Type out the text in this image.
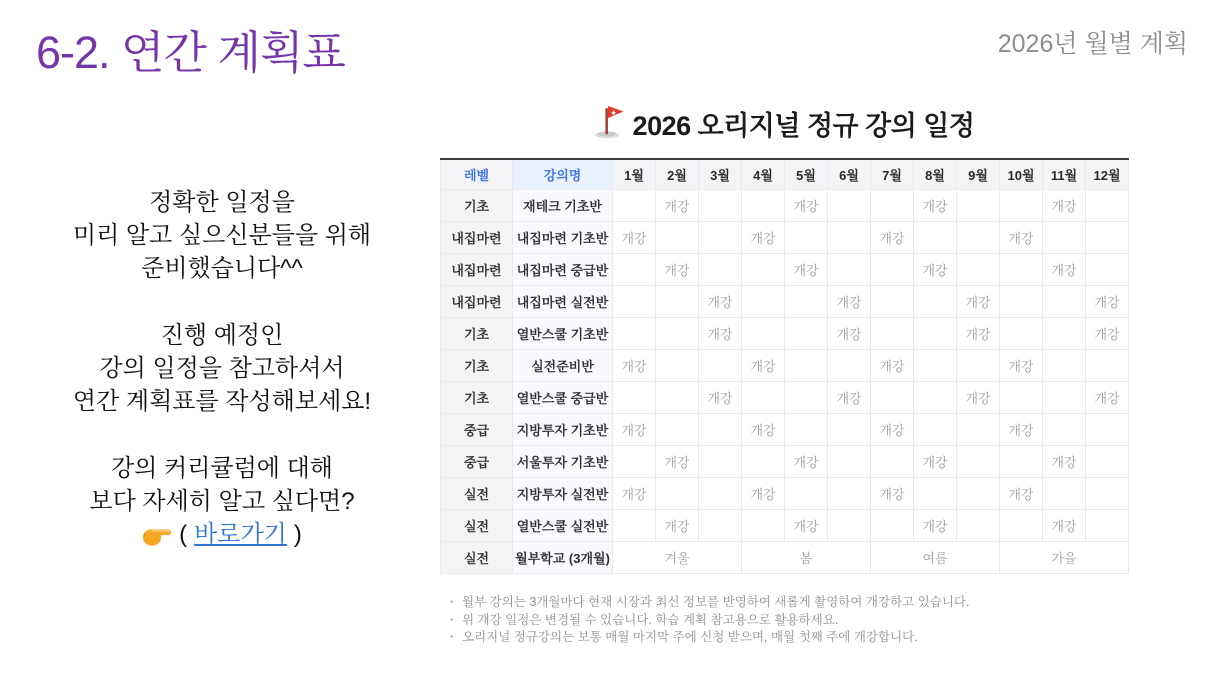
6-2. 연간 계획표	2026년 월별 계획
정확한 일정을
미리 알고 싶으신분들을 위해
준비했습니다^^
진행 예정인
강의 일정을 참고하셔서
연간 계획표를 작성해보세요!
강의 커리큘럼에 대해
보다 자세히 알고 싶다면?
( 바로가기 )
2026 오리지널 정규 강의 일정
레벨	강의명	1월	2월	3월	4월	5월	6월	7월	8월	9월	10월	11월	12월
기초	재테크 기초반		개강			개강			개강			개강	
내집마련	내집마련 기초반	개강			개강			개강			개강		
내집마련	내집마련 중급반		개강			개강			개강			개강	
내집마련	내집마련 실전반			개강			개강			개강			개강
기초	열반스쿨 기초반			개강			개강			개강			개강
기초	실전준비반	개강			개강			개강			개강		
기초	열반스쿨 중급반			개강			개강			개강			개강
중급	지방투자 기초반	개강			개강			개강			개강		
중급	서울투자 기초반		개강			개강			개강			개강	
실전	지방투자 실전반	개강			개강			개강			개강		
실전	열반스쿨 실전반		개강			개강			개강			개강	
실전	월부학교 (3개월)	겨울			봄			여름			가을		
· 월부 강의는 3개월마다 현재 시장과 최신 정보를 반영하여 새롭게 촬영하여 개강하고 있습니다.
· 위 개강 일정은 변경될 수 있습니다. 학습 계획 참고용으로 활용하세요.
· 오리지널 정규강의는 보통 매월 마지막 주에 신청 받으며, 매월 첫째 주에 개강합니다.
